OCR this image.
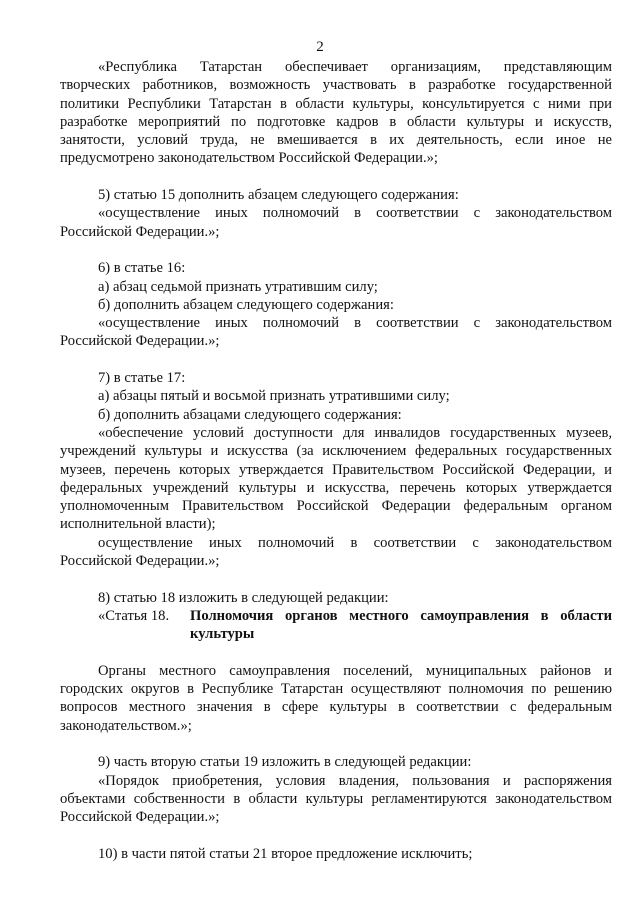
2
«Республика Татарстан обеспечивает организациям, представляющим
творческих работников, возможность участвовать в разработке государственной
политики Республики Татарстан в области культуры, консультируется с ними при
разработке мероприятий по подготовке кадров в области культуры и искусств,
занятости, условий труда, не вмешивается в их деятельность, если иное не
предусмотрено законодательством Российской Федерации.»;
5) статью 15 дополнить абзацем следующего содержания:
«осуществление иных полномочий в соответствии с законодательством
Российской Федерации.»;
6) в статье 16:
а) абзац седьмой признать утратившим силу;
б) дополнить абзацем следующего содержания:
«осуществление иных полномочий в соответствии с законодательством
Российской Федерации.»;
7) в статье 17:
а) абзацы пятый и восьмой признать утратившими силу;
б) дополнить абзацами следующего содержания:
«обеспечение условий доступности для инвалидов государственных музеев,
учреждений культуры и искусства (за исключением федеральных государственных
музеев, перечень которых утверждается Правительством Российской Федерации, и
федеральных учреждений культуры и искусства, перечень которых утверждается
уполномоченным Правительством Российской Федерации федеральным органом
исполнительной власти);
осуществление иных полномочий в соответствии с законодательством
Российской Федерации.»;
8) статью 18 изложить в следующей редакции:
«Статья 18.	Полномочия органов местного самоуправления в области
культуры
Органы местного самоуправления поселений, муниципальных районов и
городских округов в Республике Татарстан осуществляют полномочия по решению
вопросов местного значения в сфере культуры в соответствии с федеральным
законодательством.»;
9) часть вторую статьи 19 изложить в следующей редакции:
«Порядок приобретения, условия владения, пользования и распоряжения
объектами собственности в области культуры регламентируются законодательством
Российской Федерации.»;
10) в части пятой статьи 21 второе предложение исключить;
